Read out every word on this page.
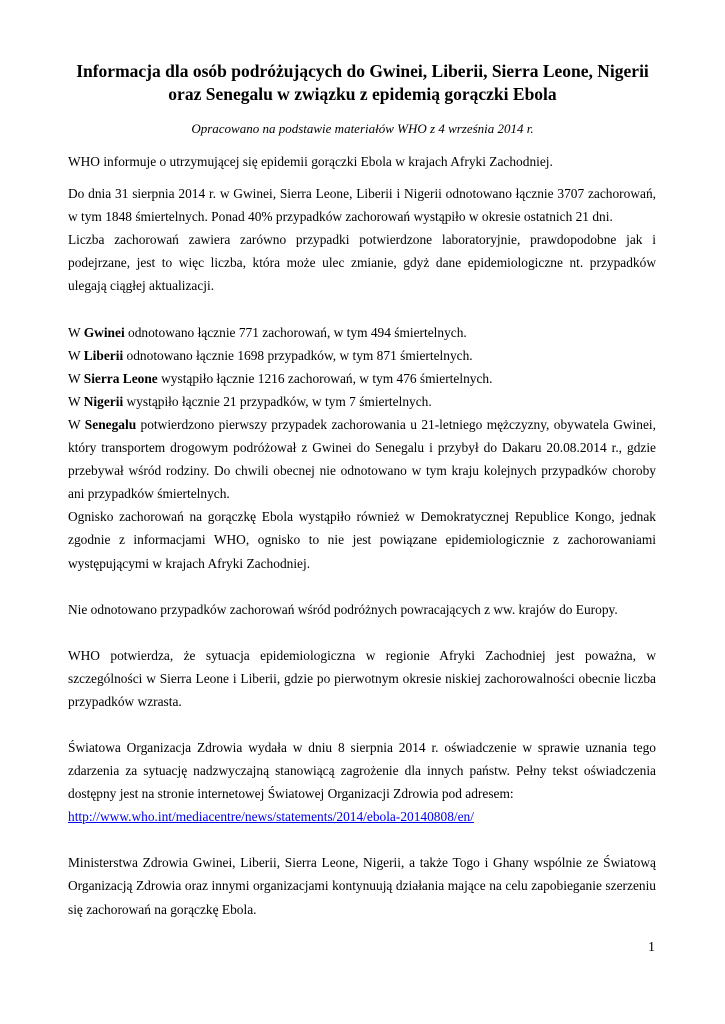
Informacja dla osób podróżujących do Gwinei, Liberii, Sierra Leone, Nigerii
oraz Senegalu w związku z epidemią gorączki Ebola

Opracowano na podstawie materiałów WHO z 4 września 2014 r.

WHO informuje o utrzymującej się epidemii gorączki Ebola w krajach Afryki Zachodniej.

Do dnia 31 sierpnia 2014 r. w Gwinei, Sierra Leone, Liberii i Nigerii odnotowano łącznie 3707 zachorowań, w tym 1848 śmiertelnych. Ponad 40% przypadków zachorowań wystąpiło w okresie ostatnich 21 dni.

Liczba zachorowań zawiera zarówno przypadki potwierdzone laboratoryjnie, prawdopodobne jak i podejrzane, jest to więc liczba, która może ulec zmianie, gdyż dane epidemiologiczne nt. przypadków ulegają ciągłej aktualizacji.

W Gwinei odnotowano łącznie 771 zachorowań, w tym 494 śmiertelnych.

W Liberii odnotowano łącznie 1698 przypadków, w tym 871 śmiertelnych.

W Sierra Leone wystąpiło łącznie 1216 zachorowań, w tym 476 śmiertelnych.

W Nigerii wystąpiło łącznie 21 przypadków, w tym 7 śmiertelnych.

W Senegalu potwierdzono pierwszy przypadek zachorowania u 21-letniego mężczyzny, obywatela Gwinei, który transportem drogowym podróżował z Gwinei do Senegalu i przybył do Dakaru 20.08.2014 r., gdzie przebywał wśród rodziny. Do chwili obecnej nie odnotowano w tym kraju kolejnych przypadków choroby ani przypadków śmiertelnych.

Ognisko zachorowań na gorączkę Ebola wystąpiło również w Demokratycznej Republice Kongo, jednak zgodnie z informacjami WHO, ognisko to nie jest powiązane epidemiologicznie z zachorowaniami występującymi w krajach Afryki Zachodniej.

Nie odnotowano przypadków zachorowań wśród podróżnych powracających z ww. krajów do Europy.

WHO potwierdza, że sytuacja epidemiologiczna w regionie Afryki Zachodniej jest poważna, w szczególności w Sierra Leone i Liberii, gdzie po pierwotnym okresie niskiej zachorowalności obecnie liczba przypadków wzrasta.

Światowa Organizacja Zdrowia wydała w dniu 8 sierpnia 2014 r. oświadczenie w sprawie uznania tego zdarzenia za sytuację nadzwyczajną stanowiącą zagrożenie dla innych państw. Pełny tekst oświadczenia dostępny jest na stronie internetowej Światowej Organizacji Zdrowia pod adresem:

http://www.who.int/mediacentre/news/statements/2014/ebola-20140808/en/

Ministerstwa Zdrowia Gwinei, Liberii, Sierra Leone, Nigerii, a także Togo i Ghany wspólnie ze Światową Organizacją Zdrowia oraz innymi organizacjami kontynuują działania mające na celu zapobieganie szerzeniu się zachorowań na gorączkę Ebola.

1
